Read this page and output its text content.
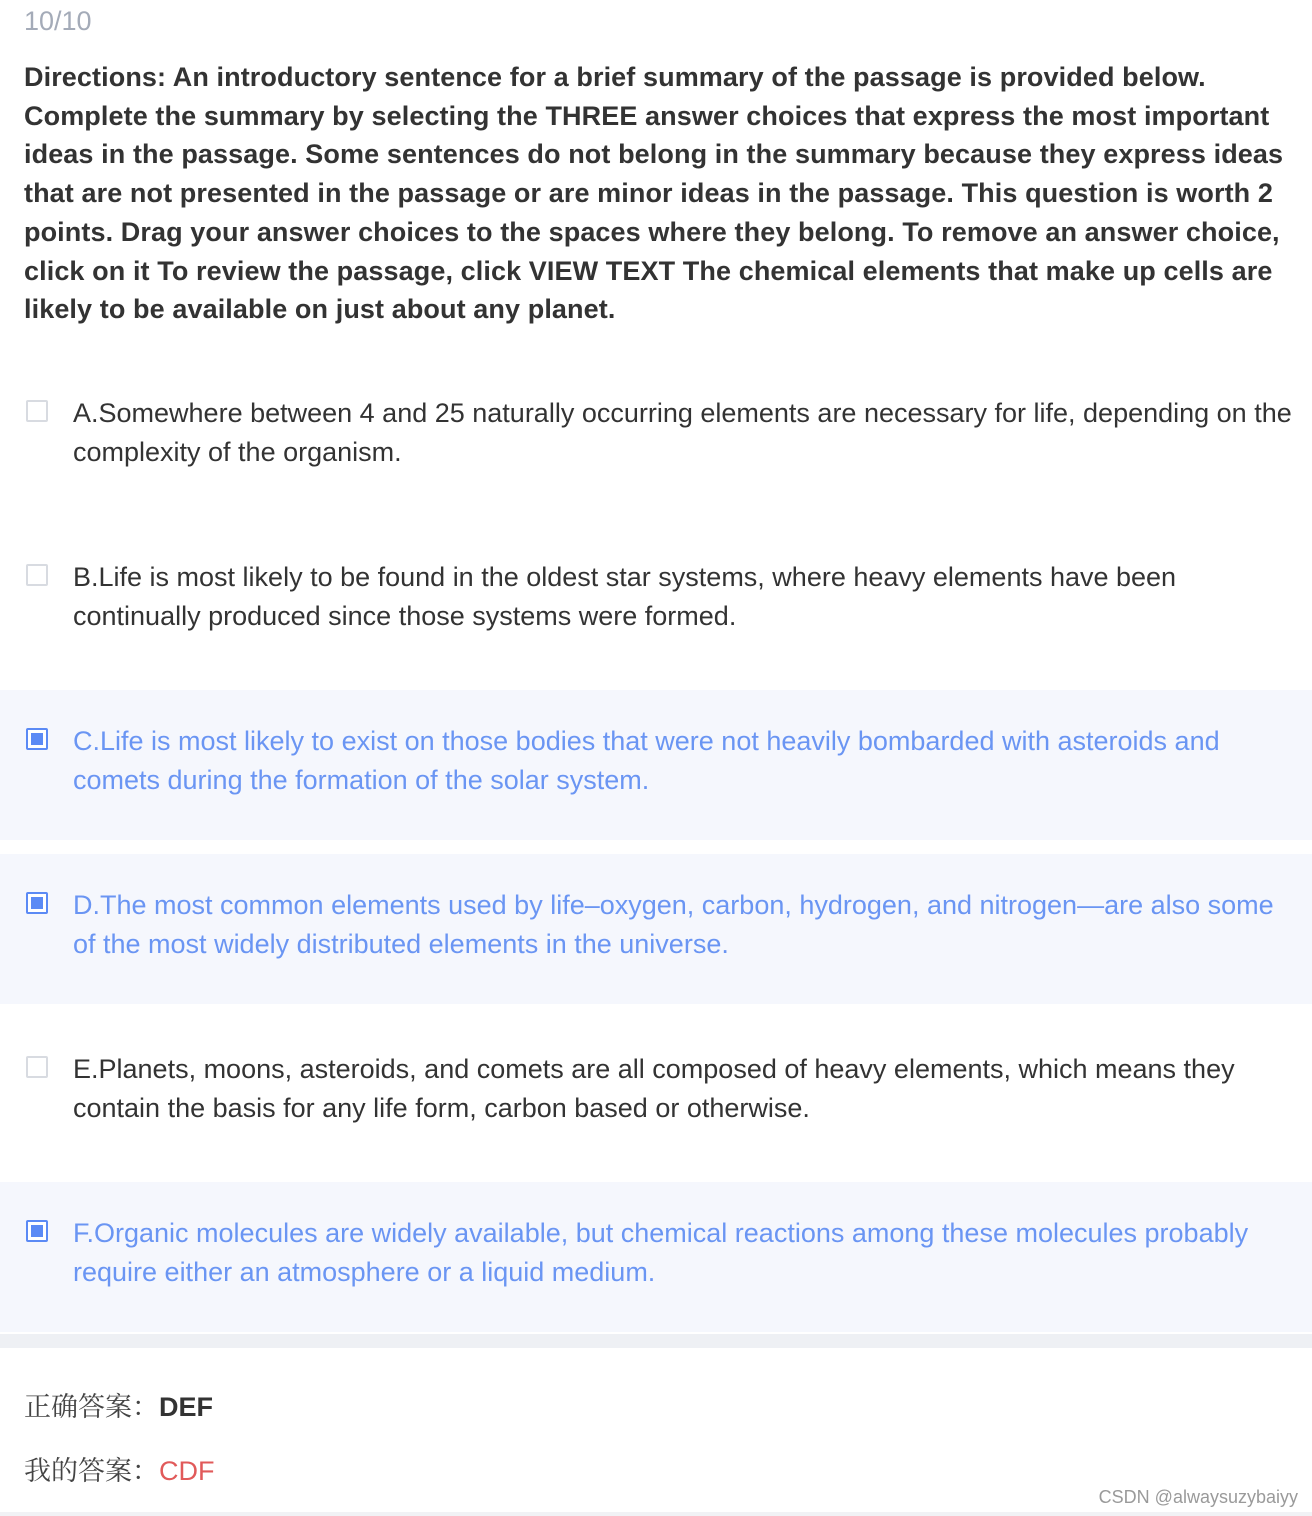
10/10
Directions: An introductory sentence for a brief summary of the passage is provided below. Complete the summary by selecting the THREE answer choices that express the most important ideas in the passage. Some sentences do not belong in the summary because they express ideas that are not presented in the passage or are minor ideas in the passage. This question is worth 2 points. Drag your answer choices to the spaces where they belong. To remove an answer choice, click on it To review the passage, click VIEW TEXT The chemical elements that make up cells are likely to be available on just about any planet.
A.Somewhere between 4 and 25 naturally occurring elements are necessary for life, depending on the complexity of the organism.
B.Life is most likely to be found in the oldest star systems, where heavy elements have been continually produced since those systems were formed.
C.Life is most likely to exist on those bodies that were not heavily bombarded with asteroids and comets during the formation of the solar system.
D.The most common elements used by life–oxygen, carbon, hydrogen, and nitrogen—are also some of the most widely distributed elements in the universe.
E.Planets, moons, asteroids, and comets are all composed of heavy elements, which means they contain the basis for any life form, carbon based or otherwise.
F.Organic molecules are widely available, but chemical reactions among these molecules probably require either an atmosphere or a liquid medium.
正确答案：DEF
我的答案：CDF
CSDN @alwaysuzybaiyy
